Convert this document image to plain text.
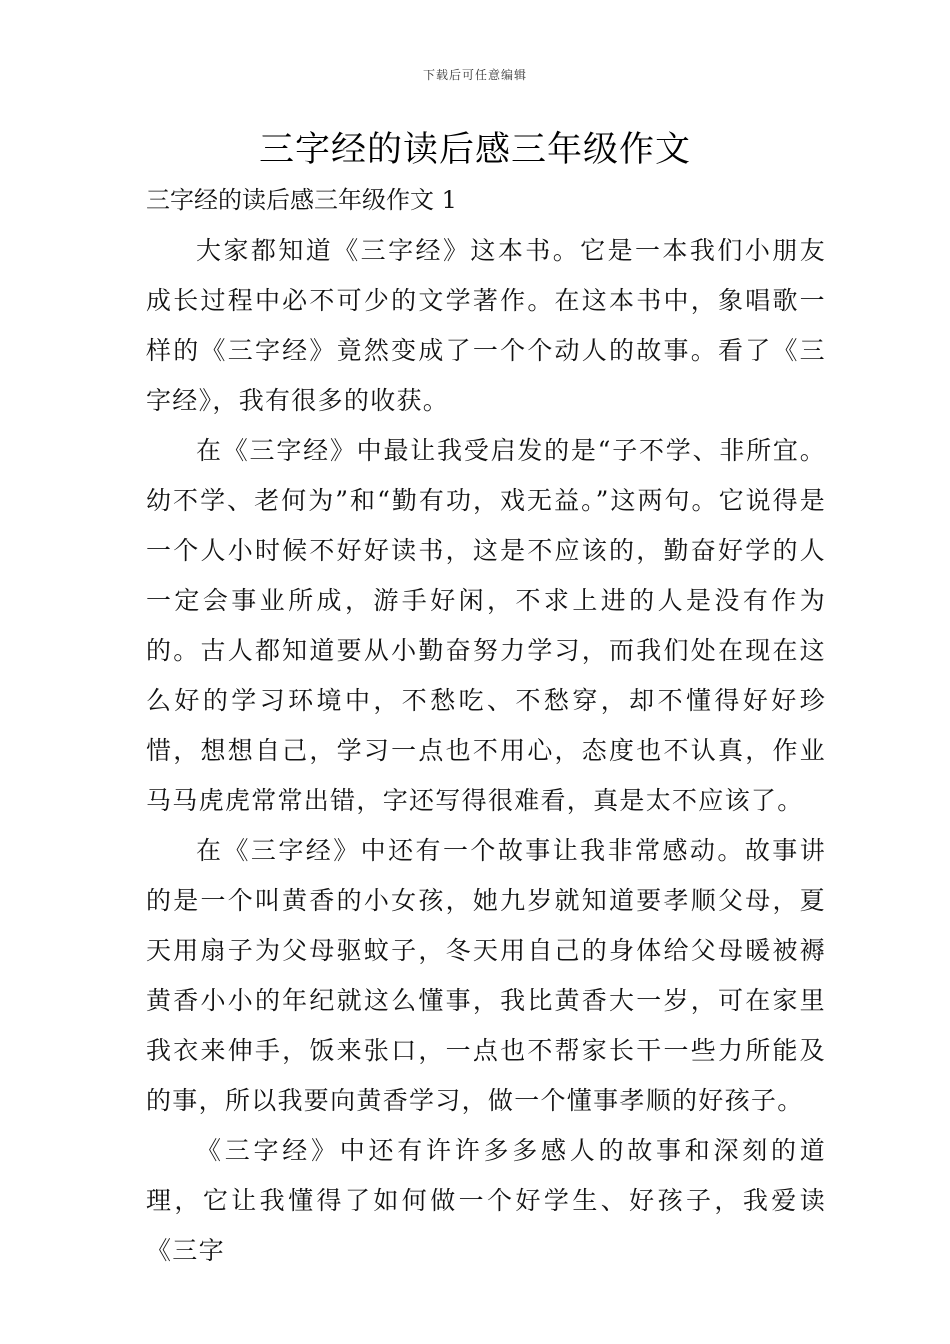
下载后可任意编辑
三字经的读后感三年级作文
三字经的读后感三年级作文 1

大家都知道《三字经》这本书。它是一本我们小朋友成长过程中必不可少的文学著作。在这本书中，象唱歌一样的《三字经》竟然变成了一个个动人的故事。看了《三字经》，我有很多的收获。

在《三字经》中最让我受启发的是“子不学、非所宜。幼不学、老何为”和“勤有功，戏无益。”这两句。它说得是一个人小时候不好好读书，这是不应该的，勤奋好学的人一定会事业所成，游手好闲，不求上进的人是没有作为的。古人都知道要从小勤奋努力学习，而我们处在现在这么好的学习环境中，不愁吃、不愁穿，却不懂得好好珍惜，想想自己，学习一点也不用心，态度也不认真，作业马马虎虎常常出错，字还写得很难看，真是太不应该了。

在《三字经》中还有一个故事让我非常感动。故事讲的是一个叫黄香的小女孩，她九岁就知道要孝顺父母，夏天用扇子为父母驱蚊子，冬天用自己的身体给父母暖被褥黄香小小的年纪就这么懂事，我比黄香大一岁，可在家里我衣来伸手，饭来张口，一点也不帮家长干一些力所能及的事，所以我要向黄香学习，做一个懂事孝顺的好孩子。

《三字经》中还有许许多多感人的故事和深刻的道理，它让我懂得了如何做一个好学生、好孩子，我爱读《三字
